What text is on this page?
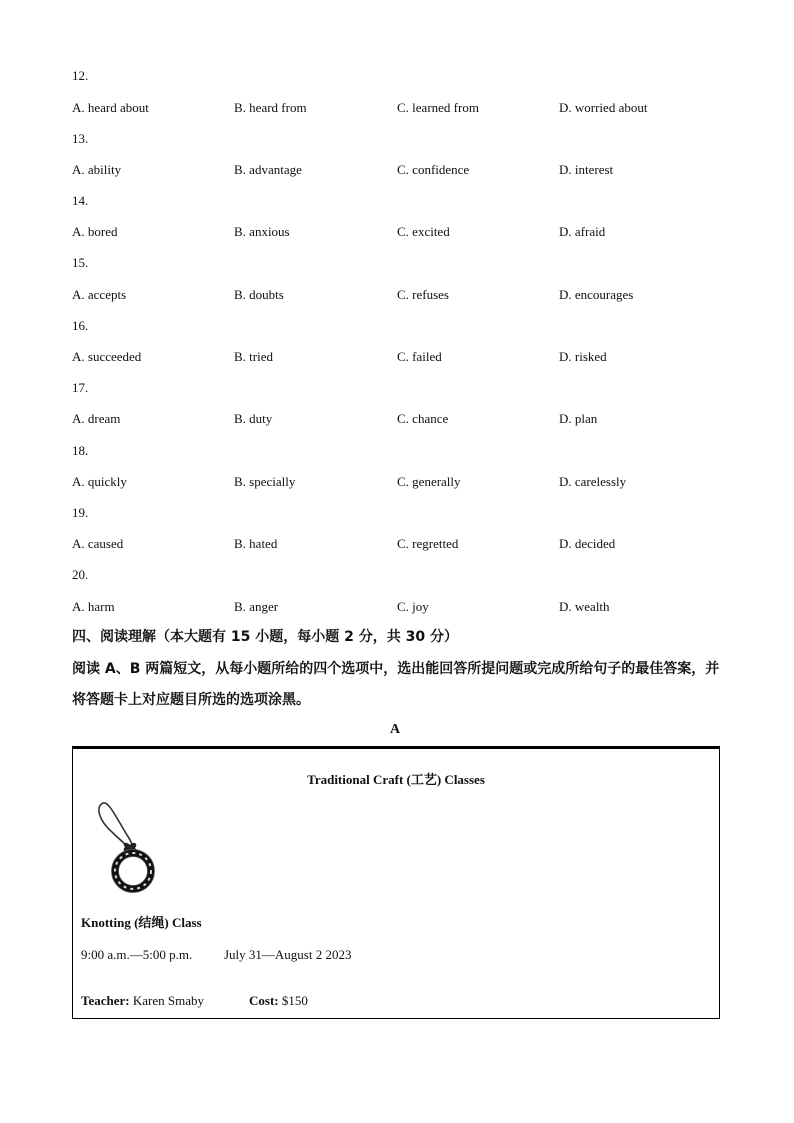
12.
A. heard about	B. heard from	C. learned from	D. worried about
13.
A. ability	B. advantage	C. confidence	D. interest
14.
A. bored	B. anxious	C. excited	D. afraid
15.
A. accepts	B. doubts	C. refuses	D. encourages
16.
A. succeeded	B. tried	C. failed	D. risked
17.
A. dream	B. duty	C. chance	D. plan
18.
A. quickly	B. specially	C. generally	D. carelessly
19.
A. caused	B. hated	C. regretted	D. decided
20.
A. harm	B. anger	C. joy	D. wealth
四、阅读理解（本大题有 15 小题，每小题 2 分，共 30 分）
阅读 A、B 两篇短文，从每小题所给的四个选项中，选出能回答所提问题或完成所给句子的最佳答案，并将答题卡上对应题目所选的选项涂黑。
A
Traditional Craft (工艺) Classes
Knotting (结绳) Class
9:00 a.m.—5:00 p.m. July 31—August 2 2023
Teacher: Karen Smaby	Cost: $150
